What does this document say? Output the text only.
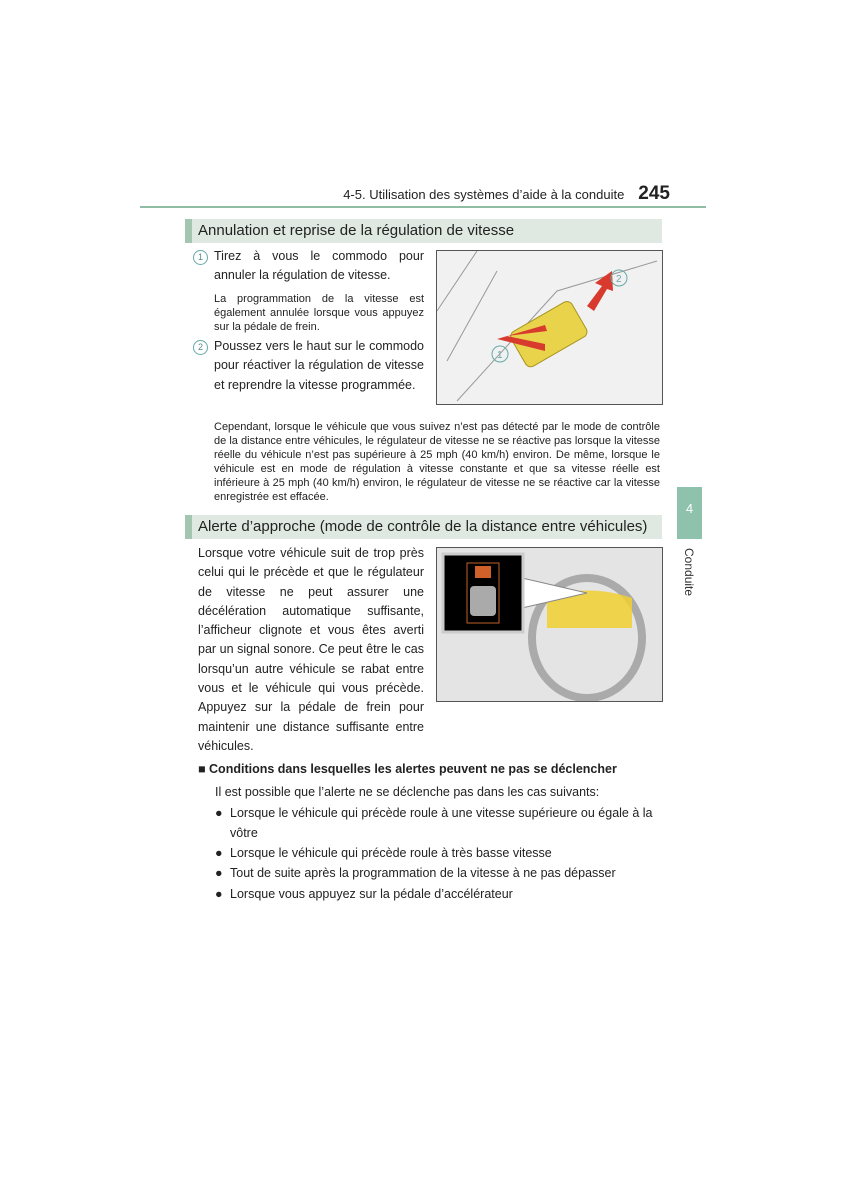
4-5. Utilisation des systèmes d’aide à la conduite 245
4
Conduite
Annulation et reprise de la régulation de vitesse
1 Tirez à vous le commodo pour annuler la régulation de vitesse.
La programmation de la vitesse est également annulée lorsque vous appuyez sur la pédale de frein.
2 Poussez vers le haut sur le commodo pour réactiver la régulation de vitesse et reprendre la vitesse programmée.
1
2
Cependant, lorsque le véhicule que vous suivez n’est pas détecté par le mode de contrôle de la distance entre véhicules, le régulateur de vitesse ne se réactive pas lorsque la vitesse réelle du véhicule n’est pas supérieure à 25 mph (40 km/h) environ. De même, lorsque le véhicule est en mode de régulation à vitesse constante et que sa vitesse réelle est inférieure à 25 mph (40 km/h) environ, le régulateur de vitesse ne se réactive car la vitesse enregistrée est effacée.
Alerte d’approche (mode de contrôle de la distance entre véhicules)
Lorsque votre véhicule suit de trop près celui qui le précède et que le régulateur de vitesse ne peut assurer une décélération automatique suffisante, l’afficheur clignote et vous êtes averti par un signal sonore. Ce peut être le cas lorsqu’un autre véhicule se rabat entre vous et le véhicule qui vous précède. Appuyez sur la pédale de frein pour maintenir une distance suffisante entre véhicules.
■ Conditions dans lesquelles les alertes peuvent ne pas se déclencher
Il est possible que l’alerte ne se déclenche pas dans les cas suivants:
● Lorsque le véhicule qui précède roule à une vitesse supérieure ou égale à la vôtre
● Lorsque le véhicule qui précède roule à très basse vitesse
● Tout de suite après la programmation de la vitesse à ne pas dépasser
● Lorsque vous appuyez sur la pédale d’accélérateur
